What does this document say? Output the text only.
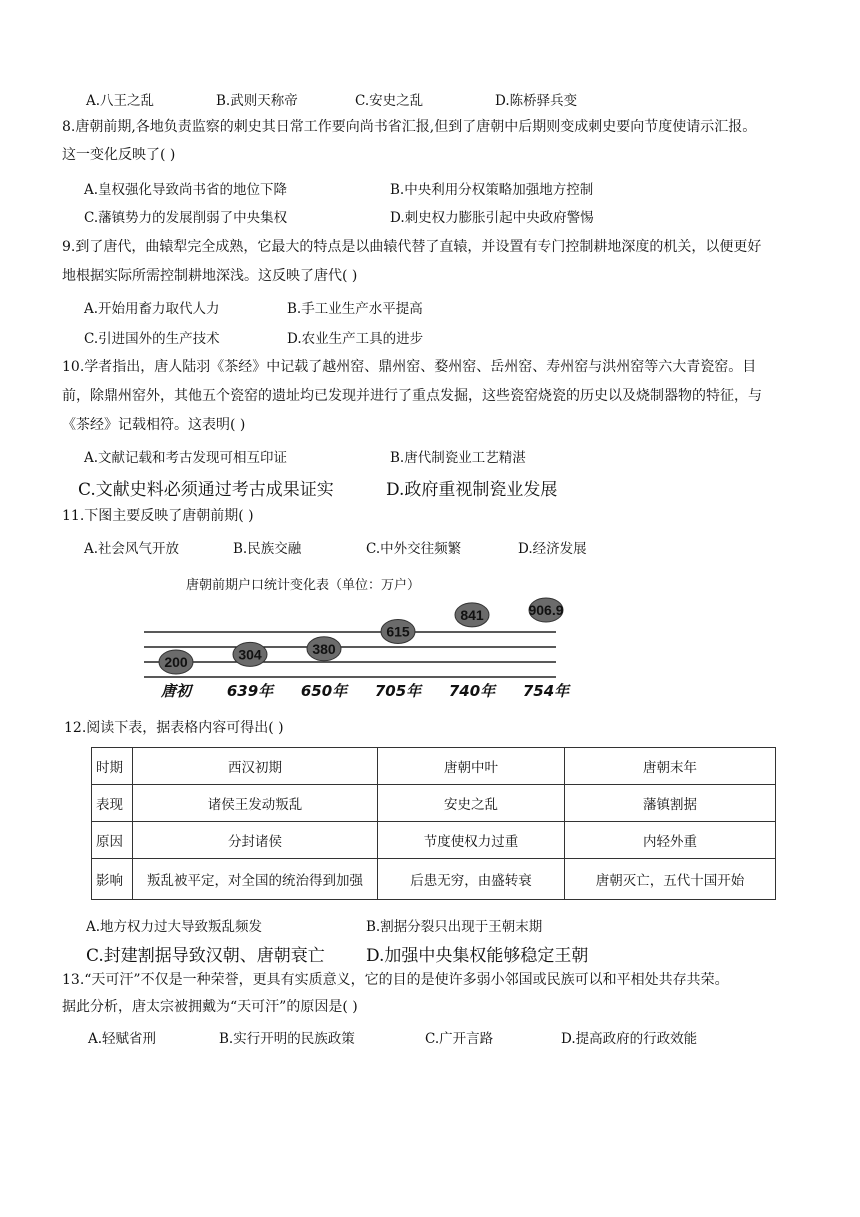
A.八王之乱	B.武则天称帝	C.安史之乱	D.陈桥驿兵变
8.唐朝前期,各地负责监察的刺史其日常工作要向尚书省汇报,但到了唐朝中后期则变成刺史要向节度使请示汇报。
这一变化反映了( )
A.皇权强化导致尚书省的地位下降	B.中央利用分权策略加强地方控制
C.藩镇势力的发展削弱了中央集权	D.刺史权力膨胀引起中央政府警惕
9.到了唐代，曲辕犁完全成熟，它最大的特点是以曲辕代替了直辕，并设置有专门控制耕地深度的机关，以便更好
地根据实际所需控制耕地深浅。这反映了唐代( )
A.开始用畜力取代人力	B.手工业生产水平提高
C.引进国外的生产技术	D.农业生产工具的进步
10.学者指出，唐人陆羽《茶经》中记载了越州窑、鼎州窑、婺州窑、岳州窑、寿州窑与洪州窑等六大青瓷窑。目
前，除鼎州窑外，其他五个瓷窑的遗址均已发现并进行了重点发掘，这些瓷窑烧瓷的历史以及烧制器物的特征，与
《茶经》记载相符。这表明( )
A.文献记载和考古发现可相互印证	B.唐代制瓷业工艺精湛
C.文献史料必须通过考古成果证实	D.政府重视制瓷业发展
11.下图主要反映了唐朝前期( )
A.社会风气开放	B.民族交融	C.中外交往频繁	D.经济发展
唐朝前期户口统计变化表（单位：万户）
200	304	380
615
841	906.9
唐初 639年 650年 705年 740年 754年
12.阅读下表，据表格内容可得出( )
时期	西汉初期	唐朝中叶	唐朝末年
表现	诸侯王发动叛乱	安史之乱	藩镇割据
原因	分封诸侯	节度使权力过重	内轻外重
影响	叛乱被平定，对全国的统治得到加强	后患无穷，由盛转衰	唐朝灭亡，五代十国开始
A.地方权力过大导致叛乱频发	B.割据分裂只出现于王朝末期
C.封建割据导致汉朝、唐朝衰亡 D.加强中央集权能够稳定王朝
13.“天可汗”不仅是一种荣誉，更具有实质意义，它的目的是使许多弱小邻国或民族可以和平相处共存共荣。
据此分析，唐太宗被拥戴为“天可汗”的原因是( )
A.轻赋省刑	B.实行开明的民族政策	C.广开言路	D.提高政府的行政效能
